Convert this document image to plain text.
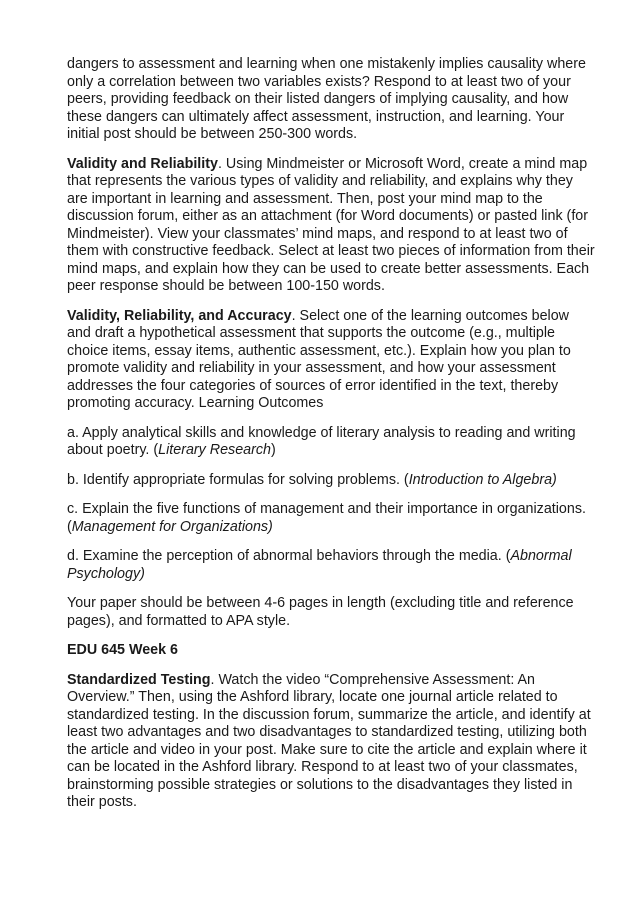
dangers to assessment and learning when one mistakenly implies causality where only a correlation between two variables exists? Respond to at least two of your peers, providing feedback on their listed dangers of implying causality, and how these dangers can ultimately affect assessment, instruction, and learning. Your initial post should be between 250-300 words.

Validity and Reliability. Using Mindmeister or Microsoft Word, create a mind map that represents the various types of validity and reliability, and explains why they are important in learning and assessment. Then, post your mind map to the discussion forum, either as an attachment (for Word documents) or pasted link (for Mindmeister). View your classmates’ mind maps, and respond to at least two of them with constructive feedback. Select at least two pieces of information from their mind maps, and explain how they can be used to create better assessments. Each peer response should be between 100-150 words.

Validity, Reliability, and Accuracy. Select one of the learning outcomes below and draft a hypothetical assessment that supports the outcome (e.g., multiple choice items, essay items, authentic assessment, etc.). Explain how you plan to promote validity and reliability in your assessment, and how your assessment addresses the four categories of sources of error identified in the text, thereby promoting accuracy. Learning Outcomes

a. Apply analytical skills and knowledge of literary analysis to reading and writing about poetry. (Literary Research)

b. Identify appropriate formulas for solving problems. (Introduction to Algebra)

c. Explain the five functions of management and their importance in organizations. (Management for Organizations)

d. Examine the perception of abnormal behaviors through the media. (Abnormal Psychology)

Your paper should be between 4-6 pages in length (excluding title and reference pages), and formatted to APA style.

EDU 645 Week 6

Standardized Testing. Watch the video “Comprehensive Assessment: An Overview.” Then, using the Ashford library, locate one journal article related to standardized testing. In the discussion forum, summarize the article, and identify at least two advantages and two disadvantages to standardized testing, utilizing both the article and video in your post. Make sure to cite the article and explain where it can be located in the Ashford library. Respond to at least two of your classmates, brainstorming possible strategies or solutions to the disadvantages they listed in their posts.
